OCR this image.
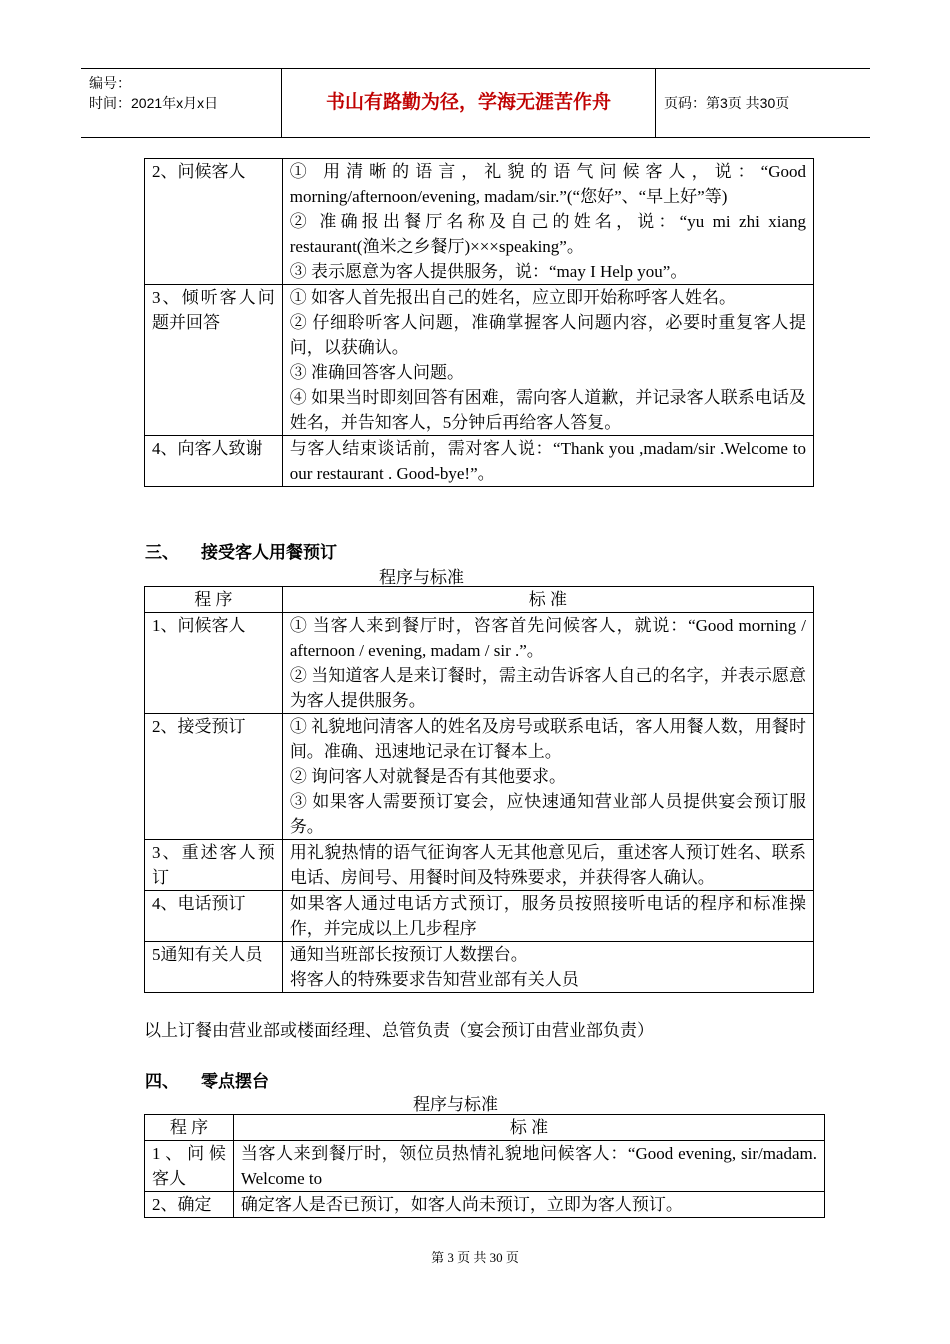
编号：
时间：2021年x月x日	书山有路勤为径，学海无涯苦作舟	页码：第3页 共30页
2、问候客人	① 用清晰的语言，礼貌的语气问候客人，说：“Good morning/afternoon/evening, madam/sir.”(“您好”、“早上好”等)
② 准确报出餐厅名称及自己的姓名，说：“yu mi zhi xiang restaurant(渔米之乡餐厅)×××speaking”。
③ 表示愿意为客人提供服务，说：“may I Help you”。

3、倾听客人问题并回答	① 如客人首先报出自己的姓名，应立即开始称呼客人姓名。
② 仔细聆听客人问题，准确掌握客人问题内容，必要时重复客人提问，以获确认。
③ 准确回答客人问题。
④ 如果当时即刻回答有困难，需向客人道歉，并记录客人联系电话及姓名，并告知客人，5分钟后再给客人答复。

4、向客人致谢	与客人结束谈话前，需对客人说：“Thank you ,madam/sir .Welcome to our restaurant . Good-bye!”。
三、 接受客人用餐预订
程序与标准
程 序	标 准
1、问候客人	① 当客人来到餐厅时，咨客首先问候客人，就说：“Good morning / afternoon / evening, madam / sir .”。
② 当知道客人是来订餐时，需主动告诉客人自己的名字，并表示愿意为客人提供服务。

2、接受预订	① 礼貌地问清客人的姓名及房号或联系电话，客人用餐人数，用餐时间。准确、迅速地记录在订餐本上。
② 询问客人对就餐是否有其他要求。
③ 如果客人需要预订宴会，应快速通知营业部人员提供宴会预订服务。

3、重述客人预订	用礼貌热情的语气征询客人无其他意见后，重述客人预订姓名、联系电话、房间号、用餐时间及特殊要求，并获得客人确认。

4、电话预订	如果客人通过电话方式预订，服务员按照接听电话的程序和标准操作，并完成以上几步程序

5通知有关人员	通知当班部长按预订人数摆台。
将客人的特殊要求告知营业部有关人员
以上订餐由营业部或楼面经理、总管负责（宴会预订由营业部负责）
四、 零点摆台
程序与标准
程 序	标 准
1、问候客人	当客人来到餐厅时，领位员热情礼貌地问候客人：“Good evening, sir/madam. Welcome to

2、确定	确定客人是否已预订，如客人尚未预订，立即为客人预订。
第 3 页 共 30 页
